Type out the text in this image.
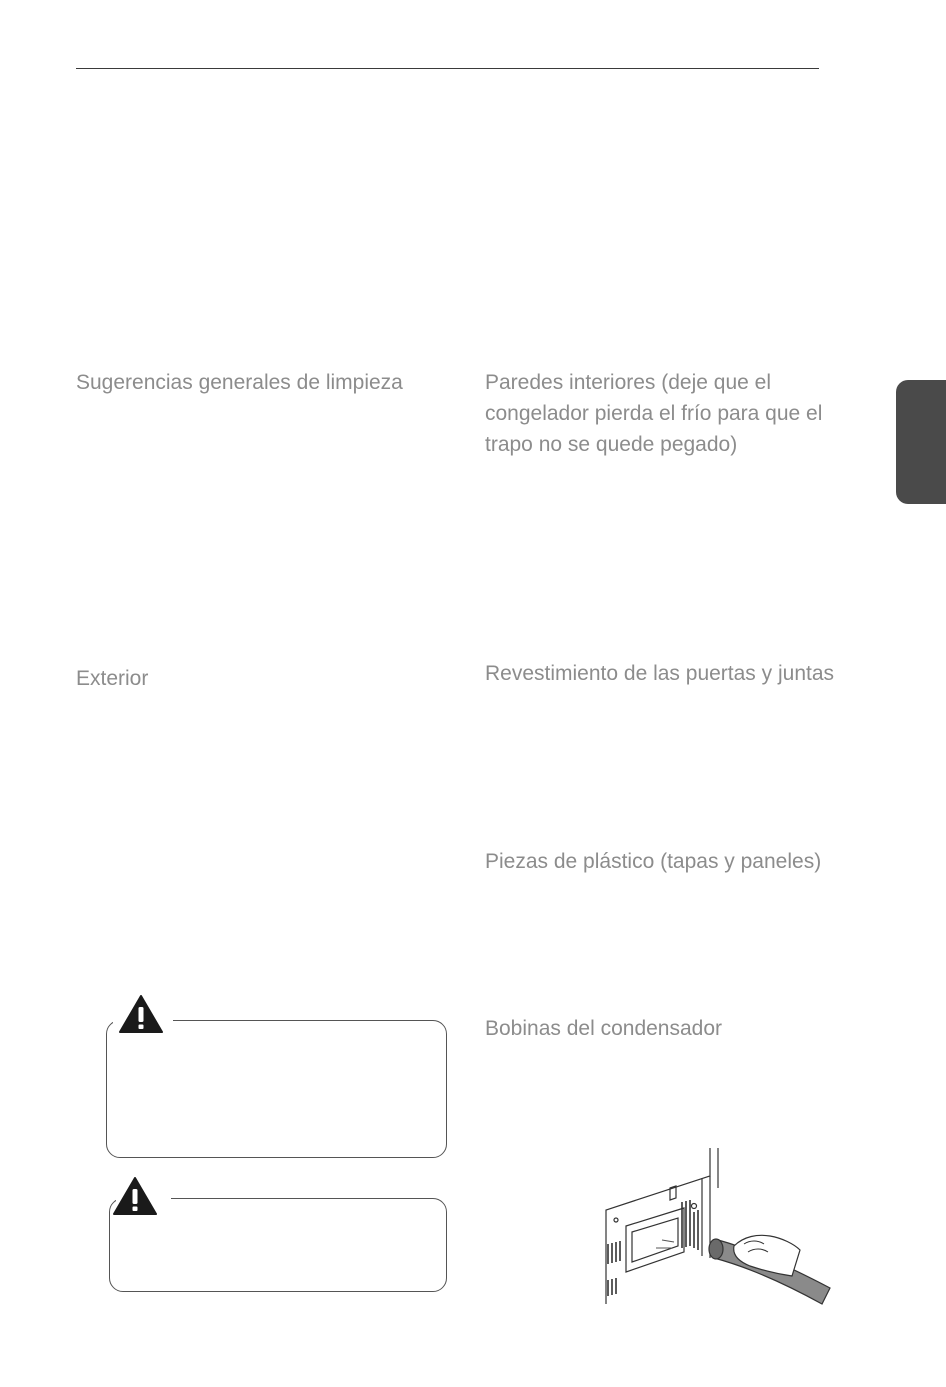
Sugerencias generales de limpieza
Exterior
Paredes interiores (deje que el
congelador pierda el frío para que el
trapo no se quede pegado)
Revestimiento de las puertas y juntas
Piezas de plástico (tapas y paneles)
Bobinas del condensador
